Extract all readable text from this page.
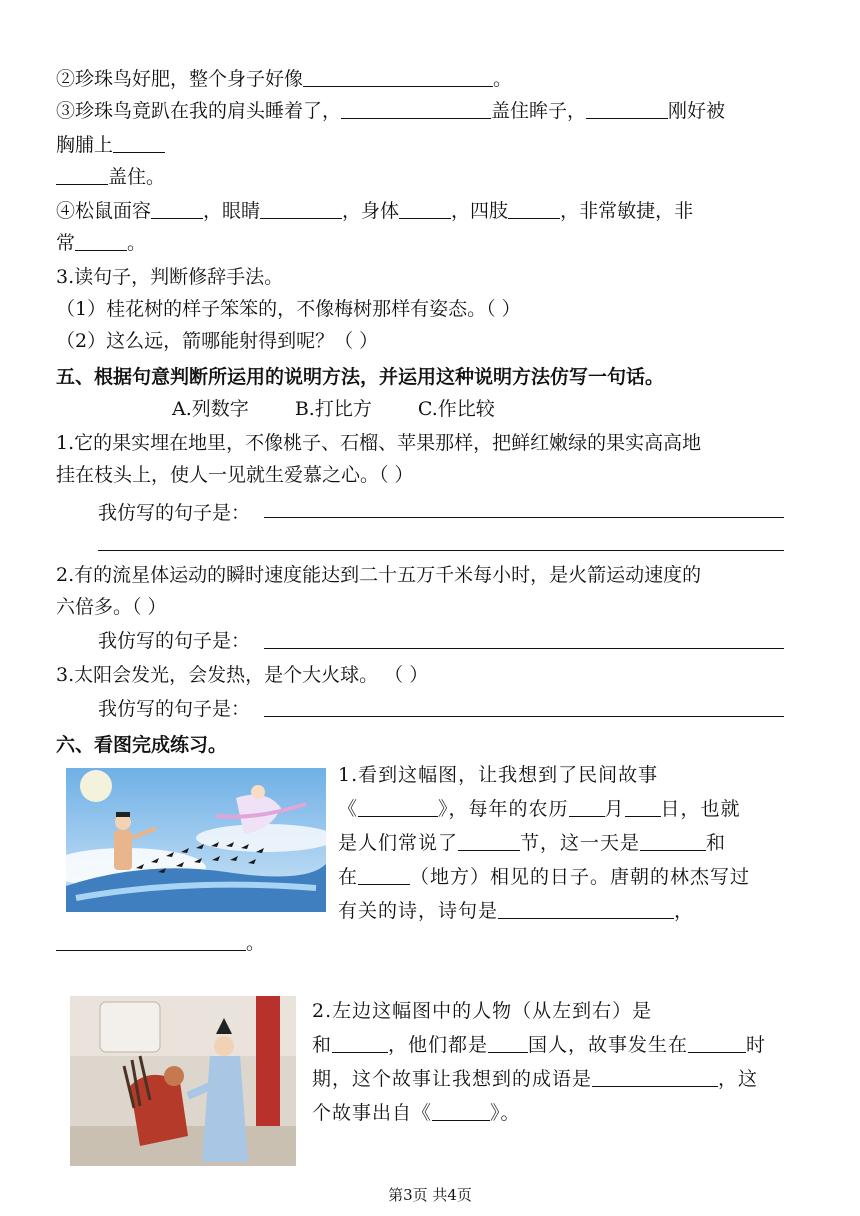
②珍珠鸟好肥，整个身子好像	。
③珍珠鸟竟趴在我的肩头睡着了，	盖住眸子，	刚好被
胸脯上
盖住。
④松鼠面容	，眼睛	，身体	，四肢	，非常敏捷，非
常	。
3.读句子，判断修辞手法。
（1）桂花树的样子笨笨的，不像梅树那样有姿态。（ ）
（2）这么远，箭哪能射得到呢？（ ）
五、根据句意判断所运用的说明方法，并运用这种说明方法仿写一句话。
A.列数字 B.打比方 C.作比较
1.它的果实埋在地里，不像桃子、石榴、苹果那样，把鲜红嫩绿的果实高高地
挂在枝头上，使人一见就生爱慕之心。（ ）
我仿写的句子是：
2.有的流星体运动的瞬时速度能达到二十五万千米每小时，是火箭运动速度的
六倍多。（ ）
我仿写的句子是：
3.太阳会发光，会发热，是个大火球。 （ ）
我仿写的句子是：
六、看图完成练习。
1.看到这幅图，让我想到了民间故事
《	》，每年的农历 月 日，也就
是人们常说了	节，这一天是	和
在	（地方）相见的日子。唐朝的林杰写过
有关的诗，诗句是	，
。
2.左边这幅图中的人物（从左到右）是
和	，他们都是 国人，故事发生在	时
期，这个故事让我想到的成语是	，这
个故事出自《	》。
第3页 共4页
